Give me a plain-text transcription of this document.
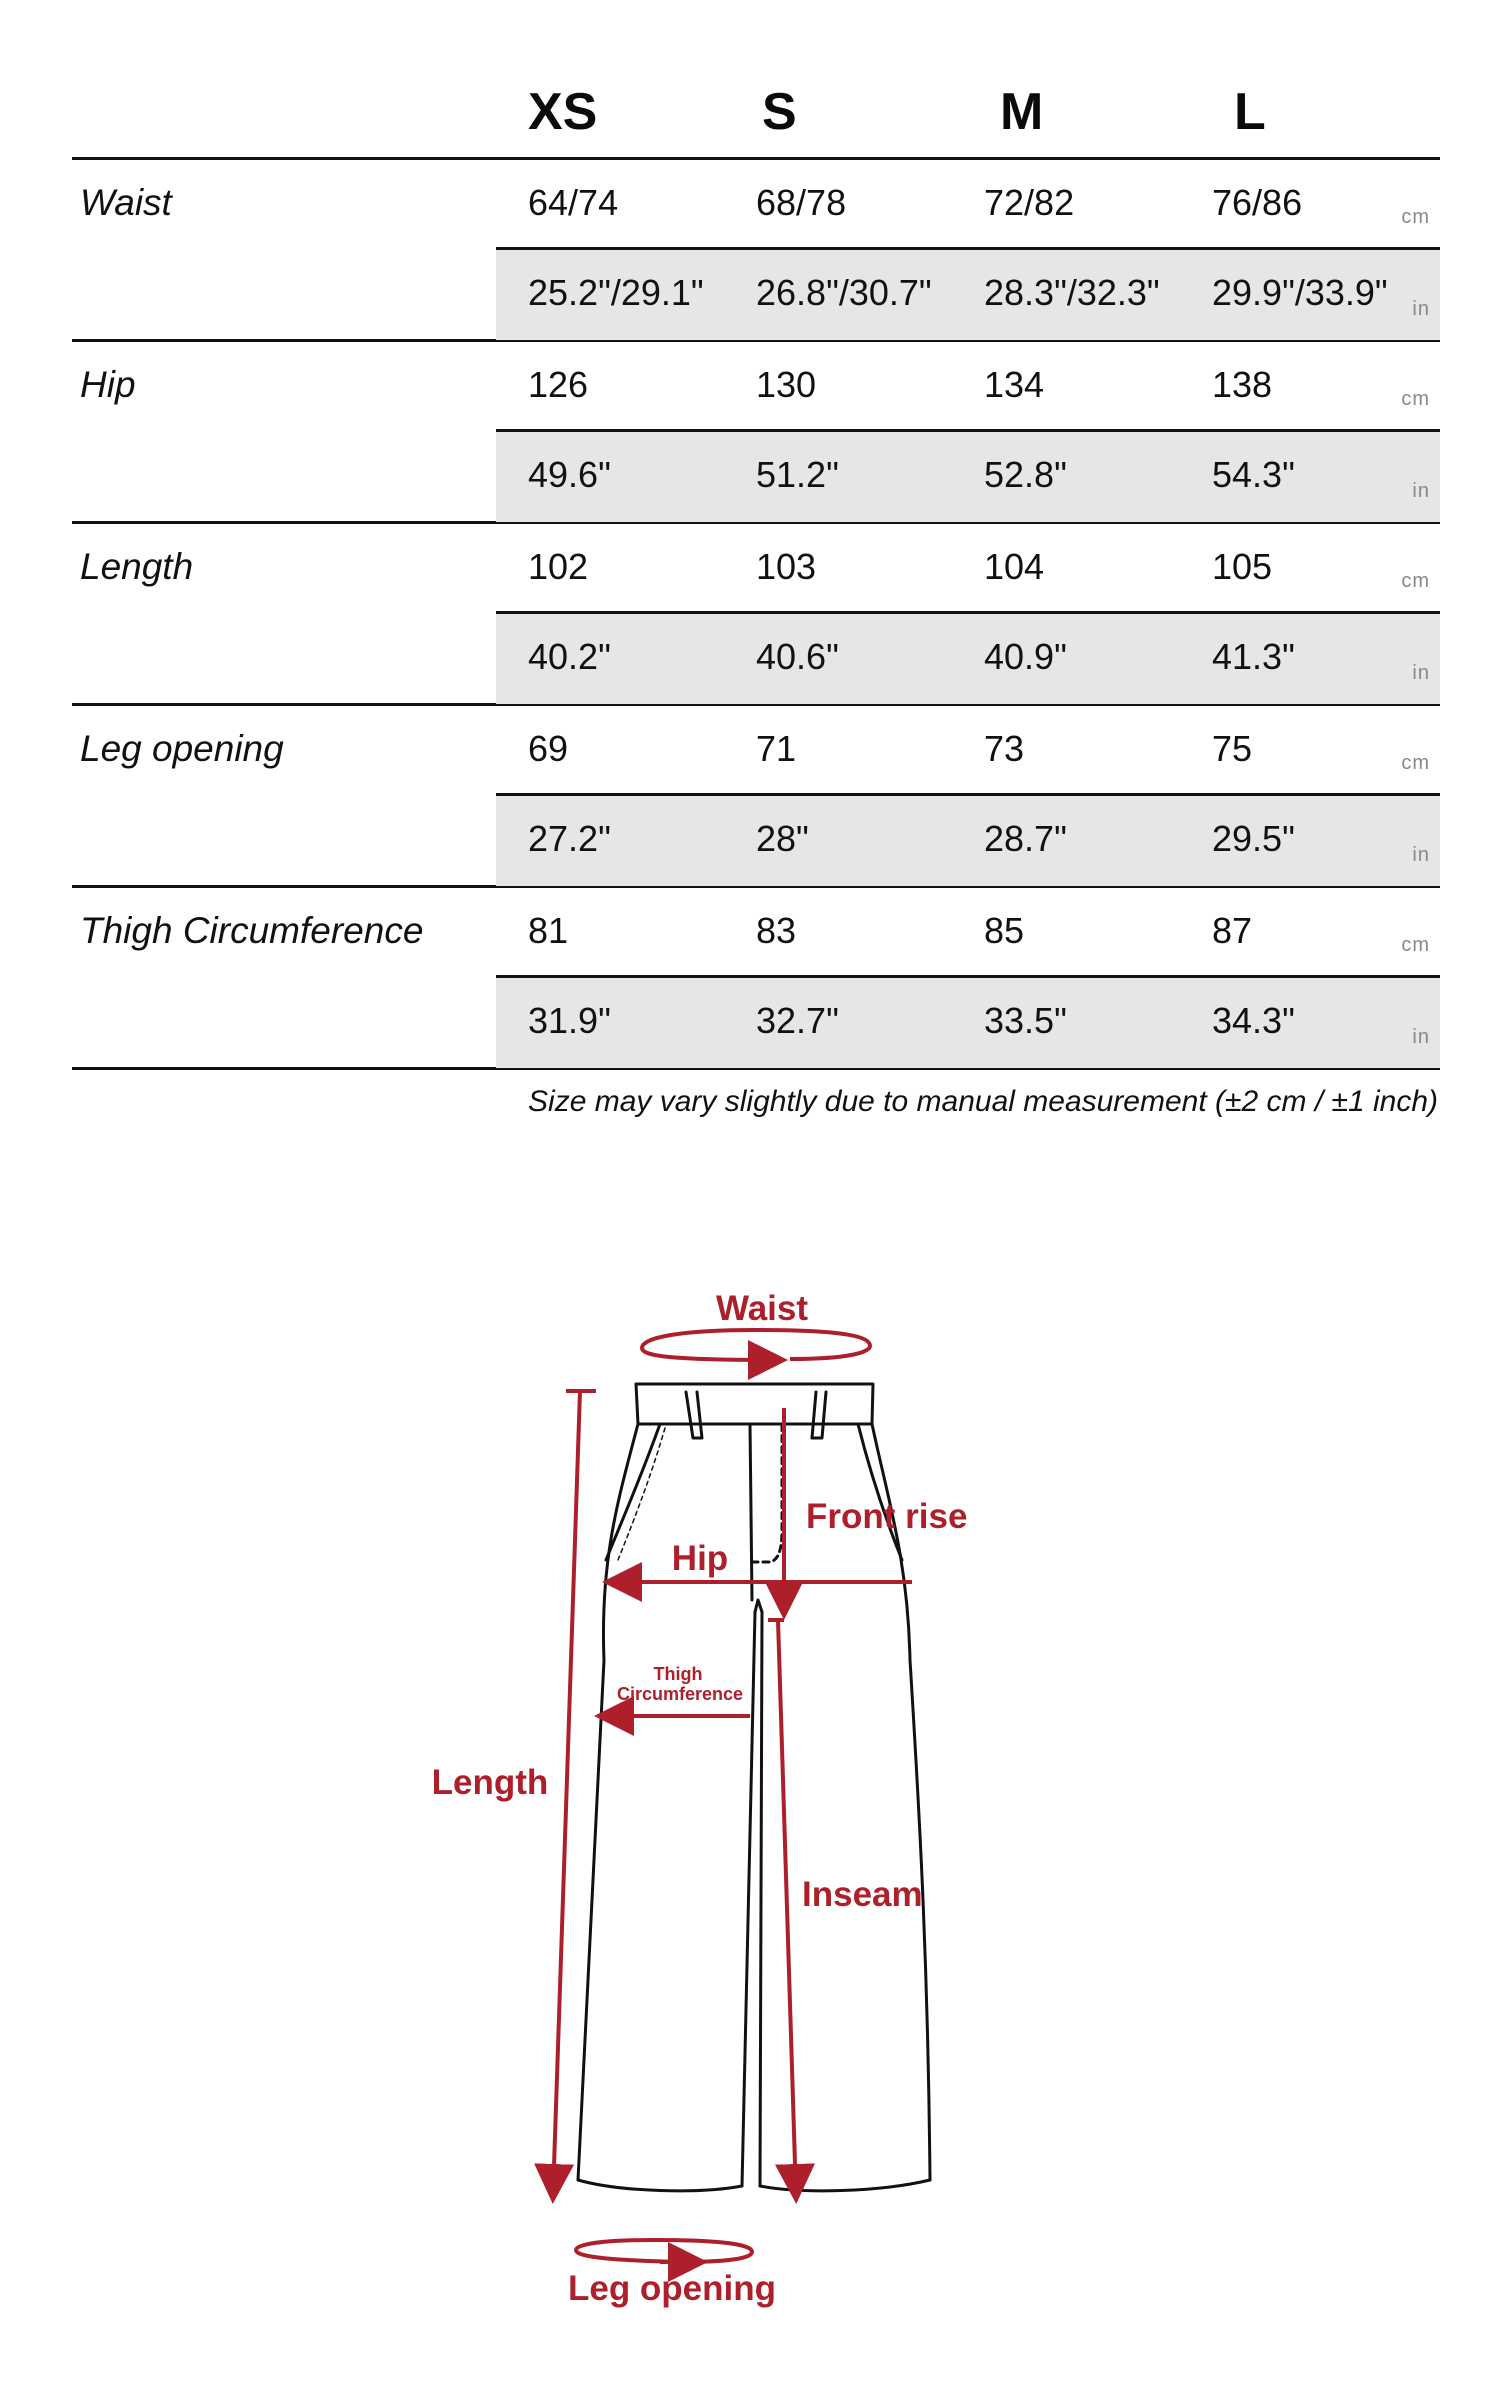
XS	S	M	L
Waist	64/74	68/78	72/82	76/86	cm
25.2"/29.1" 26.8"/30.7" 28.3"/32.3" 29.9"/33.9" in
Hip	126	130	134	138	cm
49.6"	51.2"	52.8"	54.3"	in
Length	102	103	104	105	cm
40.2"	40.6"	40.9"	41.3"	in
Leg opening	69	71	73	75	cm
27.2"	28"	28.7"	29.5"	in
Thigh Circumference	81	83	85	87	cm
31.9"	32.7"	33.5"	34.3"	in
Size may vary slightly due to manual measurement (±2 cm / ±1 inch)
Waist
Front rise
Hip
Thigh
Circumference
Length
Inseam
Leg opening
